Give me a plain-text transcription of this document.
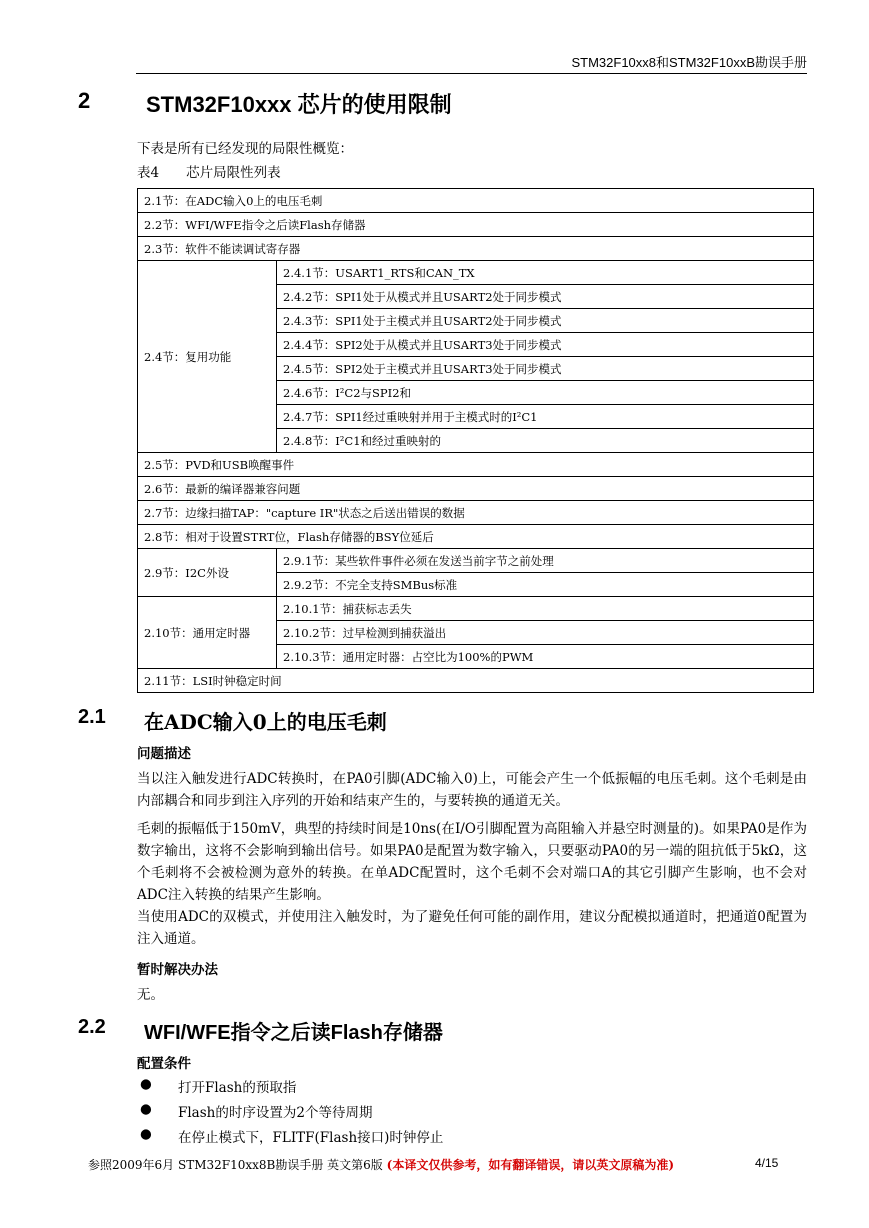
STM32F10xx8和STM32F10xxB勘误手册
2	STM32F10xxx 芯片的使用限制
下表是所有已经发现的局限性概览：
表4　　芯片局限性列表
2.1节：在ADC输入0上的电压毛刺	
2.2节：WFI/WFE指令之后读Flash存储器	
2.3节：软件不能读调试寄存器	
2.4节：复用功能	2.4.1节：USART1_RTS和CAN_TX
	2.4.2节：SPI1处于从模式并且USART2处于同步模式
	2.4.3节：SPI1处于主模式并且USART2处于同步模式
	2.4.4节：SPI2处于从模式并且USART3处于同步模式
	2.4.5节：SPI2处于主模式并且USART3处于同步模式
	2.4.6节：I²C2与SPI2和
	2.4.7节：SPI1经过重映射并用于主模式时的I²C1
	2.4.8节：I²C1和经过重映射的
2.5节：PVD和USB唤醒事件	
2.6节：最新的编译器兼容问题	
2.7节：边缘扫描TAP："capture IR"状态之后送出错误的数据	
2.8节：相对于设置STRT位，Flash存储器的BSY位延后	
2.9节：I2C外设	2.9.1节：某些软件事件必须在发送当前字节之前处理
	2.9.2节：不完全支持SMBus标准
2.10节：通用定时器	2.10.1节：捕获标志丢失
	2.10.2节：过早检测到捕获溢出
	2.10.3节：通用定时器：占空比为100%的PWM
2.11节：LSI时钟稳定时间	
2.1 在ADC输入0上的电压毛刺
问题描述
当以注入触发进行ADC转换时，在PA0引脚(ADC输入0)上，可能会产生一个低振幅的电压毛刺。这个毛刺是由内部耦合和同步到注入序列的开始和结束产生的，与要转换的通道无关。
毛刺的振幅低于150mV，典型的持续时间是10ns(在I/O引脚配置为高阻输入并悬空时测量的)。如果PA0是作为数字输出，这将不会影响到输出信号。如果PA0是配置为数字输入，只要驱动PA0的另一端的阻抗低于5kΩ，这个毛刺将不会被检测为意外的转换。在单ADC配置时，这个毛刺不会对端口A的其它引脚产生影响，也不会对ADC注入转换的结果产生影响。
当使用ADC的双模式，并使用注入触发时，为了避免任何可能的副作用，建议分配模拟通道时，把通道0配置为注入通道。
暂时解决办法
无。
2.2 WFI/WFE指令之后读Flash存储器
配置条件
● 打开Flash的预取指
● Flash的时序设置为2个等待周期
● 在停止模式下，FLITF(Flash接口)时钟停止
参照2009年6月 STM32F10xx8B勘误手册 英文第6版 (本译文仅供参考，如有翻译错误，请以英文原稿为准)	4/15
